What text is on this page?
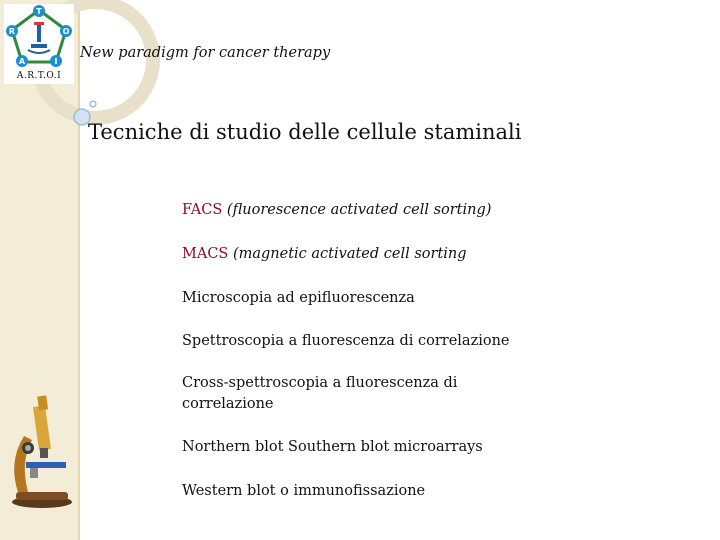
T
O
I
A
R
A.R.T.O.I
New paradigm for cancer therapy
Tecniche di studio delle cellule staminali
FACS (fluorescence activated cell sorting)
MACS (magnetic activated cell sorting
Microscopia ad epifluorescenza
Spettroscopia a fluorescenza di correlazione
Cross-spettroscopia a fluorescenza di correlazione
Northern blot Southern blot microarrays
Western blot o immunofissazione
